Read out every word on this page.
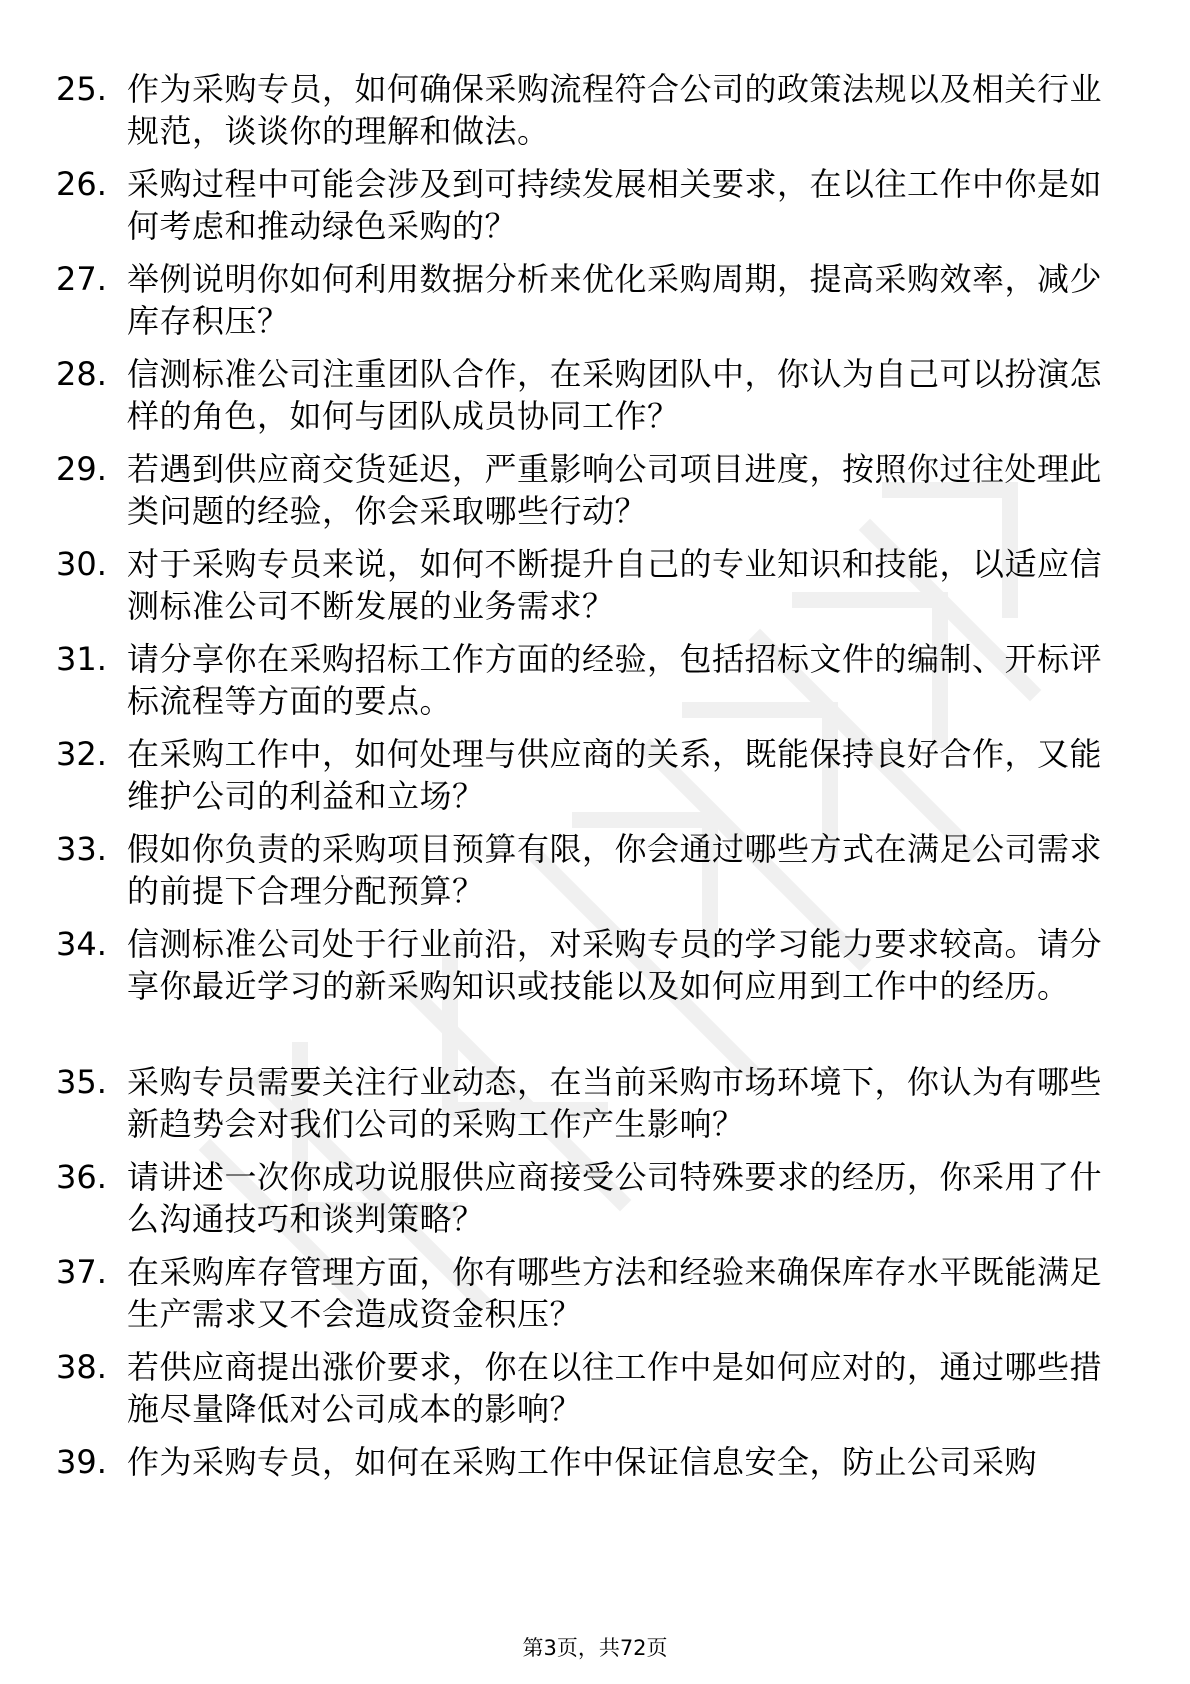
25. 作为采购专员，如何确保采购流程符合公司的政策法规以及相关行业规范，谈谈你的理解和做法。
26. 采购过程中可能会涉及到可持续发展相关要求，在以往工作中你是如何考虑和推动绿色采购的？
27. 举例说明你如何利用数据分析来优化采购周期，提高采购效率，减少库存积压？
28. 信测标准公司注重团队合作，在采购团队中，你认为自己可以扮演怎样的角色，如何与团队成员协同工作？
29. 若遇到供应商交货延迟，严重影响公司项目进度，按照你过往处理此类问题的经验，你会采取哪些行动？
30. 对于采购专员来说，如何不断提升自己的专业知识和技能，以适应信测标准公司不断发展的业务需求？
31. 请分享你在采购招标工作方面的经验，包括招标文件的编制、开标评标流程等方面的要点。
32. 在采购工作中，如何处理与供应商的关系，既能保持良好合作，又能维护公司的利益和立场？
33. 假如你负责的采购项目预算有限，你会通过哪些方式在满足公司需求的前提下合理分配预算？
34. 信测标准公司处于行业前沿，对采购专员的学习能力要求较高。请分享你最近学习的新采购知识或技能以及如何应用到工作中的经历。
35. 采购专员需要关注行业动态，在当前采购市场环境下，你认为有哪些新趋势会对我们公司的采购工作产生影响？
36. 请讲述一次你成功说服供应商接受公司特殊要求的经历，你采用了什么沟通技巧和谈判策略？
37. 在采购库存管理方面，你有哪些方法和经验来确保库存水平既能满足生产需求又不会造成资金积压？
38. 若供应商提出涨价要求，你在以往工作中是如何应对的，通过哪些措施尽量降低对公司成本的影响？
39. 作为采购专员，如何在采购工作中保证信息安全，防止公司采购
第3页，共72页
